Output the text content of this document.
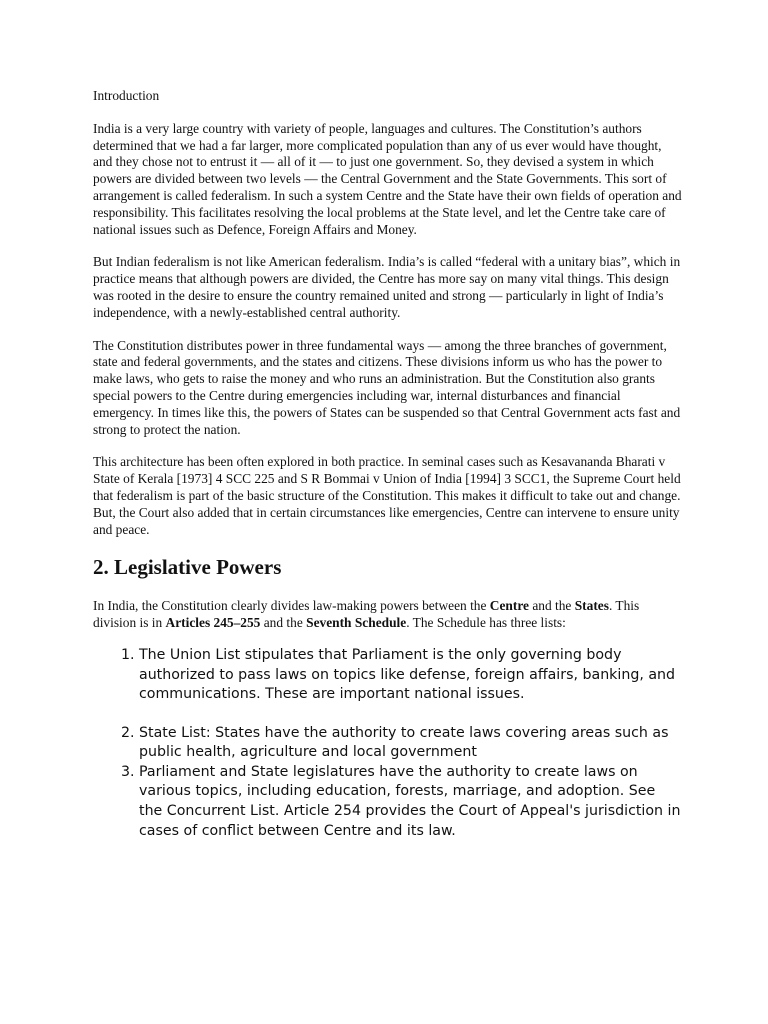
Introduction

India is a very large country with variety of people, languages and cultures. The Constitution’s authors determined that we had a far larger, more complicated population than any of us ever would have thought, and they chose not to entrust it — all of it — to just one government. So, they devised a system in which powers are divided between two levels — the Central Government and the State Governments. This sort of arrangement is called federalism. In such a system Centre and the State have their own fields of operation and responsibility. This facilitates resolving the local problems at the State level, and let the Centre take care of national issues such as Defence, Foreign Affairs and Money.

But Indian federalism is not like American federalism. India’s is called “federal with a unitary bias”, which in practice means that although powers are divided, the Centre has more say on many vital things. This design was rooted in the desire to ensure the country remained united and strong — particularly in light of India’s independence, with a newly-established central authority.

The Constitution distributes power in three fundamental ways — among the three branches of government, state and federal governments, and the states and citizens. These divisions inform us who has the power to make laws, who gets to raise the money and who runs an administration. But the Constitution also grants special powers to the Centre during emergencies including war, internal disturbances and financial emergency. In times like this, the powers of States can be suspended so that Central Government acts fast and strong to protect the nation.

This architecture has been often explored in both practice. In seminal cases such as Kesavananda Bharati v State of Kerala [1973] 4 SCC 225 and S R Bommai v Union of India [1994] 3 SCC1, the Supreme Court held that federalism is part of the basic structure of the Constitution. This makes it difficult to take out and change. But, the Court also added that in certain circumstances like emergencies, Centre can intervene to ensure unity and peace.

2. Legislative Powers

In India, the Constitution clearly divides law-making powers between the Centre and the States. This division is in Articles 245–255 and the Seventh Schedule. The Schedule has three lists:

1. The Union List stipulates that Parliament is the only governing body authorized to pass laws on topics like defense, foreign affairs, banking, and communications. These are important national issues.
2. State List: States have the authority to create laws covering areas such as public health, agriculture and local government
3. Parliament and State legislatures have the authority to create laws on various topics, including education, forests, marriage, and adoption. See the Concurrent List. Article 254 provides the Court of Appeal's jurisdiction in cases of conflict between Centre and its law.
